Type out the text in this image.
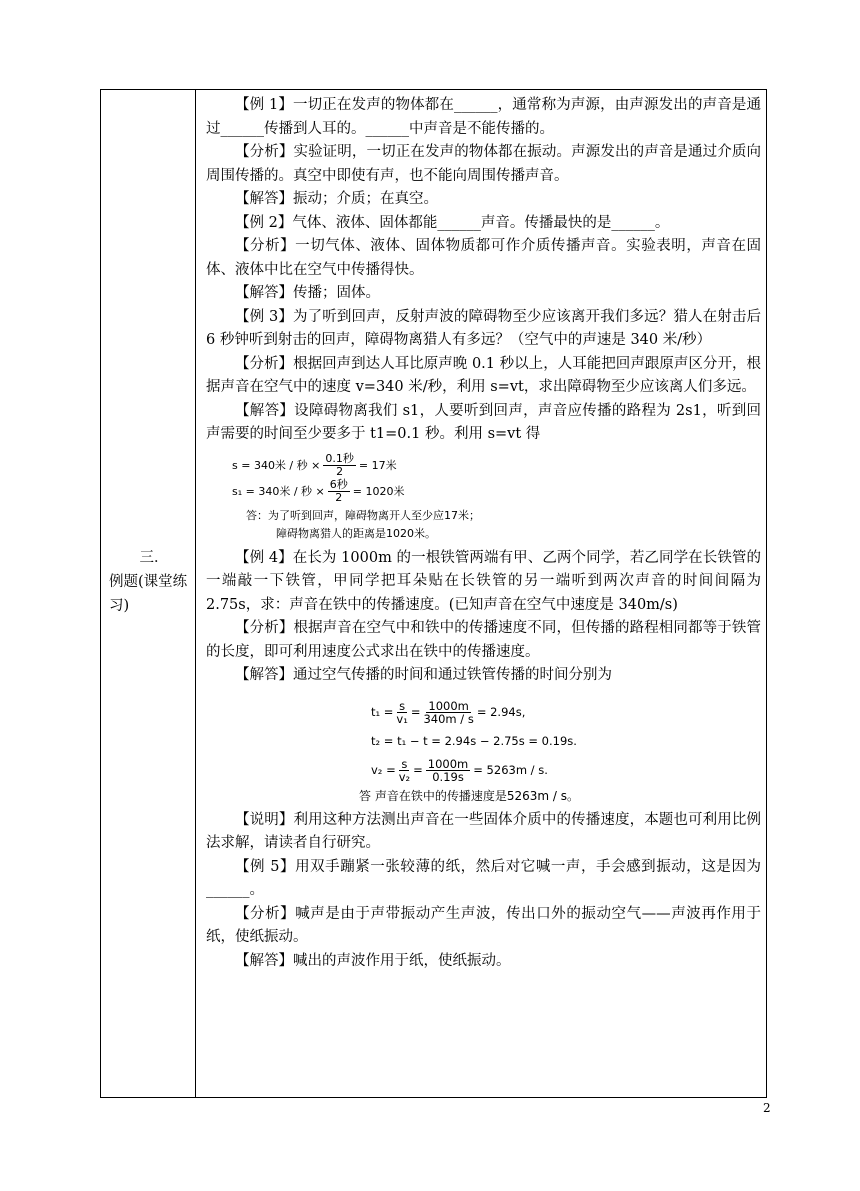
三．
例题(课堂练习)

【例 1】一切正在发声的物体都在______，通常称为声源，由声源发出的声音是通过______传播到人耳的。______中声音是不能传播的。

【分析】实验证明，一切正在发声的物体都在振动。声源发出的声音是通过介质向周围传播的。真空中即使有声，也不能向周围传播声音。

【解答】振动；介质；在真空。

【例 2】气体、液体、固体都能______声音。传播最快的是______。

【分析】一切气体、液体、固体物质都可作介质传播声音。实验表明，声音在固体、液体中比在空气中传播得快。

【解答】传播；固体。

【例 3】为了听到回声，反射声波的障碍物至少应该离开我们多远？猎人在射击后 6 秒钟听到射击的回声，障碍物离猎人有多远？（空气中的声速是 340 米/秒）

【分析】根据回声到达人耳比原声晚 0.1 秒以上，人耳能把回声跟原声区分开，根据声音在空气中的速度 v=340 米/秒，利用 s=vt，求出障碍物至少应该离人们多远。

【解答】设障碍物离我们 s1，人要听到回声，声音应传播的路程为 2s1，听到回声需要的时间至少要多于 t1=0.1 秒。利用 s=vt 得

s = 340米 / 秒 × $\frac{\text{0.1秒}}{2} = 17$米
s₁ = 340米 / 秒 × $\frac{\text{6秒}}{2} = 1020$米
答：为了听到回声，障碍物离开人至少应17米；
障碍物离猎人的距离是1020米。

【例 4】在长为 1000m 的一根铁管两端有甲、乙两个同学，若乙同学在长铁管的一端敲一下铁管，甲同学把耳朵贴在长铁管的另一端听到两次声音的时间间隔为 2.75s，求：声音在铁中的传播速度。(已知声音在空气中速度是 340m/s)

【分析】根据声音在空气中和铁中的传播速度不同，但传播的路程相同都等于铁管的长度，即可利用速度公式求出在铁中的传播速度。

【解答】通过空气传播的时间和通过铁管传播的时间分别为

$t_1 = \frac{s}{\text{v₁}} = \frac{1000m}{340m / s} = 2.94s$,
t₂ = t₁ − t = 2.94s − 2.75s = 0.19s.
$v_2 = \frac{s}{\text{v₂}} = \frac{1000m}{0.19s} = 5263m / s$.
答 声音在铁中的传播速度是5263m / s。

【说明】利用这种方法测出声音在一些固体介质中的传播速度，本题也可利用比例法求解，请读者自行研究。

【例 5】用双手蹦紧一张较薄的纸，然后对它喊一声，手会感到振动，这是因为______。

【分析】喊声是由于声带振动产生声波，传出口外的振动空气——声波再作用于纸，使纸振动。

【解答】喊出的声波作用于纸，使纸振动。

2
